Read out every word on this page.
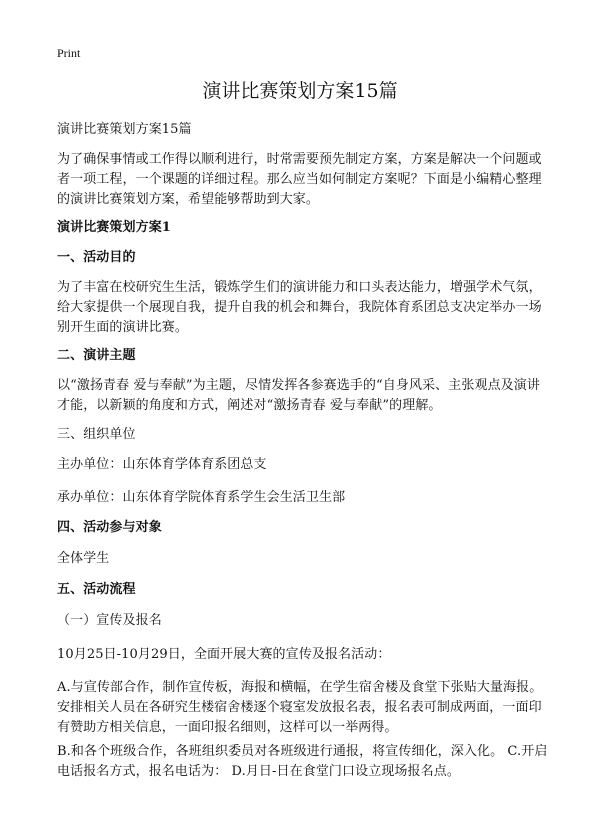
Print
演讲比赛策划方案15篇
演讲比赛策划方案15篇
为了确保事情或工作得以顺利进行，时常需要预先制定方案，方案是解决一个问题或者一项工程，一个课题的详细过程。那么应当如何制定方案呢？下面是小编精心整理的演讲比赛策划方案，希望能够帮助到大家。
演讲比赛策划方案1
一、活动目的
为了丰富在校研究生生活，锻炼学生们的演讲能力和口头表达能力，增强学术气氛，给大家提供一个展现自我，提升自我的机会和舞台，我院体育系团总支决定举办一场别开生面的演讲比赛。
二、演讲主题
以“激扬青春 爱与奉献”为主题，尽情发挥各参赛选手的“自身风采、主张观点及演讲才能，以新颖的角度和方式，阐述对“激扬青春 爱与奉献”的理解。
三、组织单位
主办单位：山东体育学体育系团总支
承办单位：山东体育学院体育系学生会生活卫生部
四、活动参与对象
全体学生
五、活动流程
（一）宣传及报名
10月25日-10月29日，全面开展大赛的宣传及报名活动：
A.与宣传部合作，制作宣传板，海报和横幅，在学生宿舍楼及食堂下张贴大量海报。安排相关人员在各研究生楼宿舍楼逐个寝室发放报名表，报名表可制成两面，一面印有赞助方相关信息，一面印报名细则，这样可以一举两得。
B.和各个班级合作，各班组织委员对各班级进行通报，将宣传细化，深入化。 C.开启电话报名方式，报名电话为： D.月日-日在食堂门口设立现场报名点。
